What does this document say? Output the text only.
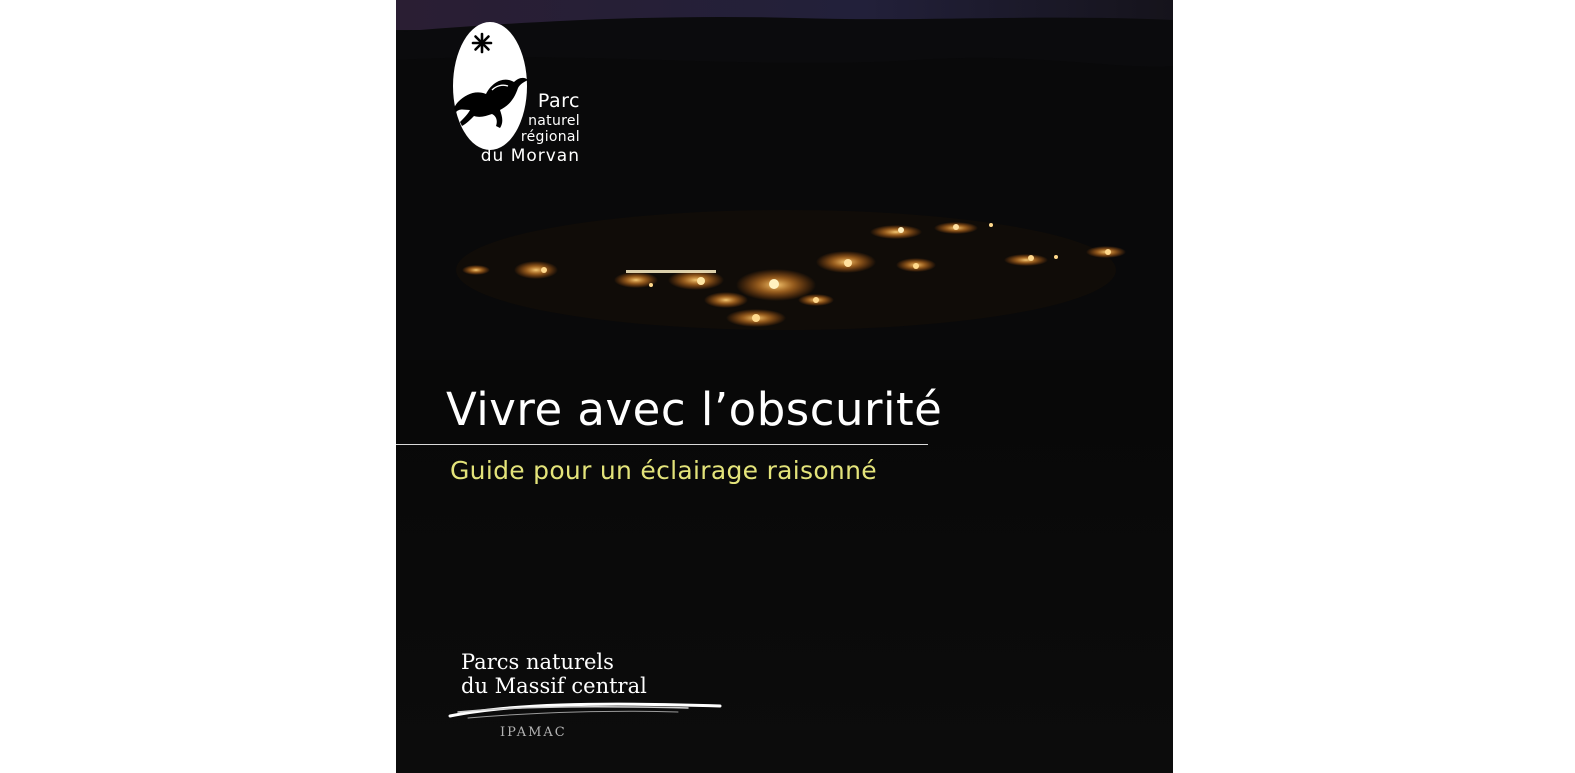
Parc
naturel
régional
du Morvan
Vivre avec l’obscurité

Guide pour un éclairage raisonné

Parcs naturels
du Massif central
IPAMAC
